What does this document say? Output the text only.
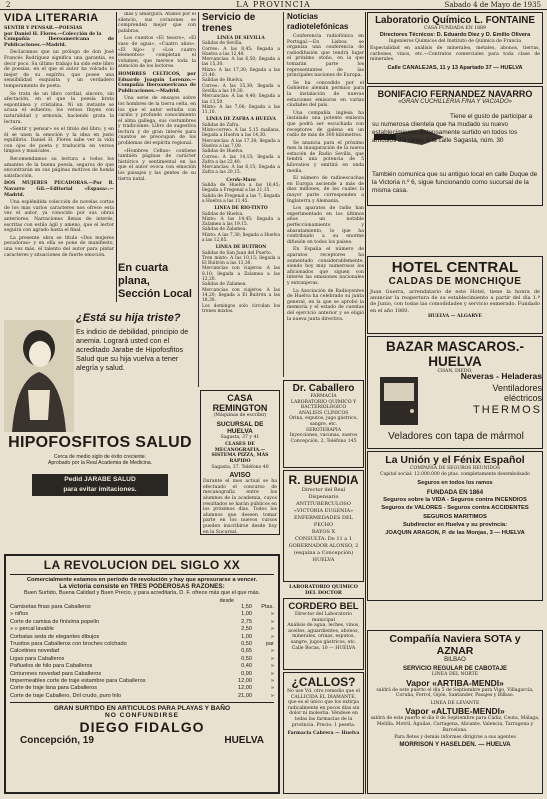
2	LA PROVINCIA	Sabado 4 de Mayo de 1935
VIDA LITERARIA

SENTIR Y PENSAR.—POESIAS
por Daniel H. Flores.—Colección de la
Compañía Iberoamericana de Publicaciones.—Madrid.

Declaramos que un prólogo de don José Francés Rodríguez significa una garantía, es decir poco. Su último trabajo ha sido este libro de poesías, en el que el autor ha volcado lo mejor de su espíritu, que posee una sensibilidad exquisita y un verdadero temperamento de poeta.

Se trata de un libro cordial, sincero, sin afectación, en el que la poesía brota espontánea y cristalina. Ni un instante se acusa el esfuerzo; los versos fluyen con naturalidad y armonía, haciendo grata la lectura.

«Sentir y pensar» es el título del libro, y en él se unen la emoción y la idea en justo equilibrio. Daniel H. Flores sabe ver la vida con ojos de poeta y traducirla en versos limpios y musicales.

Recomendamos su lectura a todos los amantes de la buena poesía, seguros de que encontrarán en sus páginas motivos de honda satisfacción.

DOS MUJERES PECADORAS.—Por R. Navarro Gil.—Editorial «Espasa».—Madrid.

Una espléndida colección de novelas cortas de los más varios caracteres nos ofrece esta vez el autor, ya conocido por sus obras anteriores. Narraciones llenas de interés, escritas con estilo ágil y ameno, que el lector seguirá con agrado hasta el final.

La presente obra se titula «Dos mujeres pecadoras» y en ella se pone de manifiesto, una vez más, el talento del autor para pintar caracteres y situaciones de fuerte emoción.

días y amargura. Atados por el silencio, sus corazones se comprenden mejor que con palabras.

Los cuentos «El tesoro», «El vaso de agua», «Cuatro años», «El hijo» y «Los cuatro elementos» completan el volumen, que merece toda la atención de los lectores.

HOMBRES CELTICOS, por Eduardo Joaquín Lorenzo.—Compañía Iberoamericana de Publicaciones.—Madrid.

Una serie de ensayos sobre los hombres de la tierra celta, en los que el autor estudia con cariño y profundo conocimiento el alma gallega, sus costumbres y tradiciones. Libro de sugestiva lectura y de gran interés para cuantos se preocupan de los problemas del espíritu regional.

«Hombres Celtas» contiene también páginas de carácter histórico y sentimental en las que el autor evoca con emoción los paisajes y las gentes de su tierra natal.

En cuarta plana,
Sección Local
¿Está su hija triste?
Es indicio de debilidad, principio de anemia. Logrará usted con el acreditado Jarabe de Hipofosfitos Salud que su hija vuelva a tener alegría y salud.
HIPOFOSFITOS SALUD
Cerca de medio siglo de éxito creciente.
Aprobado por la Real Academia de Medicina.
Pedid JARABE SALUD
para evitar imitaciones.
Servicio de trenes
LINEA DE SEVILLA
Salidas de Sevilla.
Correo: A las 8,45; llegada a Huelva a las 12,40.
Mercancías: A las 6,50; llegada a las 15,30.
Mixto: A las 17,30; llegada a las 21,40.
Salidas de Huelva.
Correo: A las 15,30; llegada a Sevilla a las 19,30.
Mercancías: A las 4,40; llegada a las 13,50.
Mixto: A las 7,00; llegada a las 11,10.
LINEA DE ZAFRA A HUELVA
Salidas de Zafra.
Mixto-correo: A las 5,15 mañana, llegada a Huelva a las 14,30.
Mercancías: A las 17,30; llegada a Huelva a las 7,00.
Salidas de Huelva.
Correo: A las 14,15; llegada a Zafra a las 22,40.
Mercancías: A las 6,15; llegada a Zafra a las 20,15.
Cerda-Mazo
Salida de Huelva a las 16,45; llegada a Fregenal a las 21,15.
Salida de Fregenal a las 7; llegada a Huelva a las 11,45.
LINEA DE RIO-TINTO
Salidas de Huelva.
Mixto: A las 14,45; llegada a Zalamea a las 19,15.
Salidas de Zalamea.
Mixto: A las 7,30; llegada a Huelva a las 12,05.
LINEA DE BUITRON
Salidas de San Juan del Puerto.
Tren mixto: A las 10,15; llegada a El Buitrón a las 13,30.
Mercancías con viajeros: A las 8,10; llegada a Zalamea a las 12,20.
Salidas de Zalamea.
Mercancías con viajeros: A las 14,20; llegada a El Buitrón a las 18,30.
Los domingos solo circulan los trenes mixtos.
CASA REMINGTON
(Máquinas de escribir)
SUCURSAL DE HUELVA
Sagasta, 37 y 41
CLASES DE MECANOGRAFIA.—SISTEMA PIZZA, MÁS RÁPIDO
Sagasta, 37. Teléfono 40
AVISO
Durante el mes actual se ha efectuado el concurso de mecanografía entre los alumnos de la academia, cuyos resultados se harán públicos en los próximos días. Todos los alumnos que deseen tomar parte en los nuevos cursos pueden inscribirse desde hoy en la Sucursal.
Noticias radiotelefónicas

Conferencia radiofónica en Portugal.—En Lisboa se organiza una conferencia de radiodifusión que tendrá lugar el próximo otoño, en la que tomarán parte los representantes de las principales naciones de Europa.

Se ha concedido por el Gobierno alemán permiso para la instalación de nuevas estaciones emisoras en varias ciudades del país.

Una compañía inglesa ha instalado una potente emisora que podrá ser escuchada con receptores de galena en un radio de más de 300 kilómetros.

Se anuncia para el próximo mes la inauguración de la nueva estación de Radio Sevilla, que tendrá una potencia de 5 kilovatios y emitirá en onda media.

El número de radioescuchas en Europa asciende a más de diez millones, de los cuales la mayor parte corresponden a Inglaterra y Alemania.

Los aparatos de radio han experimentado en los últimos años un notable perfeccionamiento y abaratamiento, lo que ha contribuido a su enorme difusión en todos los países.

En España el número de aparatos receptores ha aumentado considerablemente, siendo hoy muy numerosos los aficionados que siguen con interés las emisiones nacionales y extranjeras.

La Asociación de Radioyentes de Huelva ha celebrado su junta general, en la que se aprobó la memoria y el estado de cuentas del ejercicio anterior y se eligió la nueva junta directiva.

Dr. Caballero
FARMACIA
LABORATORIO QUIMICO Y BACTERIOLOGICO
ANALISIS CLINICOS
Orina, esputos, jugo gástrico, sangre, etc.
SEROTERAPIA
Inyecciones, vacunas, sueros
Concepción, 2, Teléfono 145
R. BUENDIA
Director del Real Dispensario
ANTITUBERCULOSO «VICTORIA EUGENIA»
ENFERMEDADES DEL PECHO
RAYOS X
CONSULTA: De 11 a 1
GOBERNADOR ALONSO, 2
(esquina a Concepción)
HUELVA
LABORATORIO QUIMICO DEL DOCTOR
CORDERO BEL
Director del Laboratorio municipal
Análisis de agua, leches, vinos, aceites, aguardientes, abonos, minerales, orinas, esputos, sangre, jugos gástricos, etc.
Calle Bocas, 10 — HUELVA
¿CALLOS?
No use Vd. otro remedio que el CALLICIDA EL DIAMANTE, que es el único que los extirpa radicalmente en pocos días sin dolor ni molestia. Véndese en todas las farmacias de la provincia. Precio: 1 peseta.
Farmacia Cabrera — Huelva
Laboratorio Químico L. FONTAINE
CASA FUNDADA EN 1889
Directores Técnicos: D. Eduardo Diez y D. Emilio Olivera
Ingenieros Químicos del Instituto de Química de Francia
Especialidad en análisis de minerales, metales, abonos, tierras, carbones, vinos, etc.—Contratos comerciales para toda clase de minerales.
Calle CANALEJAS, 11 y 13 Apartado 37 — HUELVA
BONIFACIO FERNANDEZ NAVARRO
«GRAN CUCHILLERIA FINA Y VACIADO»
Tiene el gusto de participar a su numerosa clientela que ha mudado su nuevo establecimiento, extensamente surtido en todos los artículos del ramo, a la calle Sagasta, núm. 30
También comunica que su antiguo local en calle Duque de la Victoria n.º 6, sigue funcionando como sucursal de la misma casa.
HOTEL CENTRAL
CALDAS DE MONCHIQUE
Juan Guerra, arrendatario de este Hotel, tiene la honra de anunciar la reapertura de su establecimiento a partir del día 1.º de Junio, con todas las comodidades y servicio esmerado. Fundado en el año 1860.
HUELVA — ALGARVE
BAZAR MASCAROS.-HUELVA
CHAN, DIEDO,
Neveras - Heladeras
Ventiladores
eléctricos
THERMOS
Veladores con tapa de mármol
La Unión y el Fénix Español
COMPAÑIA DE SEGUROS REUNIDOS
Capital social: 12.000.000 de ptas. completamente desembolsado
Seguros en todos los ramos
FUNDADA EN 1864
Seguros sobre la VIDA - Seguros contra INCENDIOS
Seguros de VALORES - Seguros contra ACCIDENTES
SEGUROS MARITIMOS
Subdirector en Huelva y su provincia:
JOAQUIN ARAGON, P. de las Monjas, 3 — HUELVA
Compañía Naviera SOTA y AZNAR
BILBAO
SERVICIO REGULAR DE CABOTAJE
LINEA DEL NORTE
Vapor «ARTIBA-MENDI»
saldrá de este puerto el día 5 de Septiembre para Vigo, Villagarcía, Coruña, Ferrol, Gijón, Santander, Pasajes y Bilbao.
LINEA DE LEVANTE
Vapor «ALTUBE-MENDI»
saldrá de este puerto el día 8 de Septiembre para Cádiz, Ceuta, Málaga, Melilla, Motril, Águilas, Cartagena, Alicante, Valencia, Tarragona y Barcelona.
Para fletes y demás informes dirigirse a sus agentes
MORRISON Y HASELDEN. — HUELVA
LA REVOLUCION DEL SIGLO XX
Comercialmente estamos en período de revolución y hay que apresurarse a vencer.
La victoria consiste en TRES PODEROSAS RAZONES:
Buen Surtido, Buena Calidad y Buen Precio, y para acreditarla, D. F. ofrece más que el que más.
desde
Camisetas finas para Caballeros	1,50 Ptas.
» niños	1,00	»
Corte de camisa de finísima popelín	2,75	»
» » percal lavable	2,50	»
Corbatas seda de elegantes dibujos	1,00	»
Trusitos para Caballeros con broches colchado	0,50 par
Calcetines novedad	0,65	»
Ligas para Caballeros	0,50	»
Pañuelos de hilo para Caballeros	0,40	»
Cinturones novedad para Caballeros	0,90	»
Impermeables corte de traje estambre para Caballeros	12,00	»
Corte de traje lana para Caballeros	12,00	»
Corte de traje Caballero, Dril crudo, puro hilo	21,00	»
GRAN SURTIDO EN ARTICULOS PARA PLAYAS Y BAÑO
NO CONFUNDIRSE
DIEGO FIDALGO
Concepción, 19	HUELVA
